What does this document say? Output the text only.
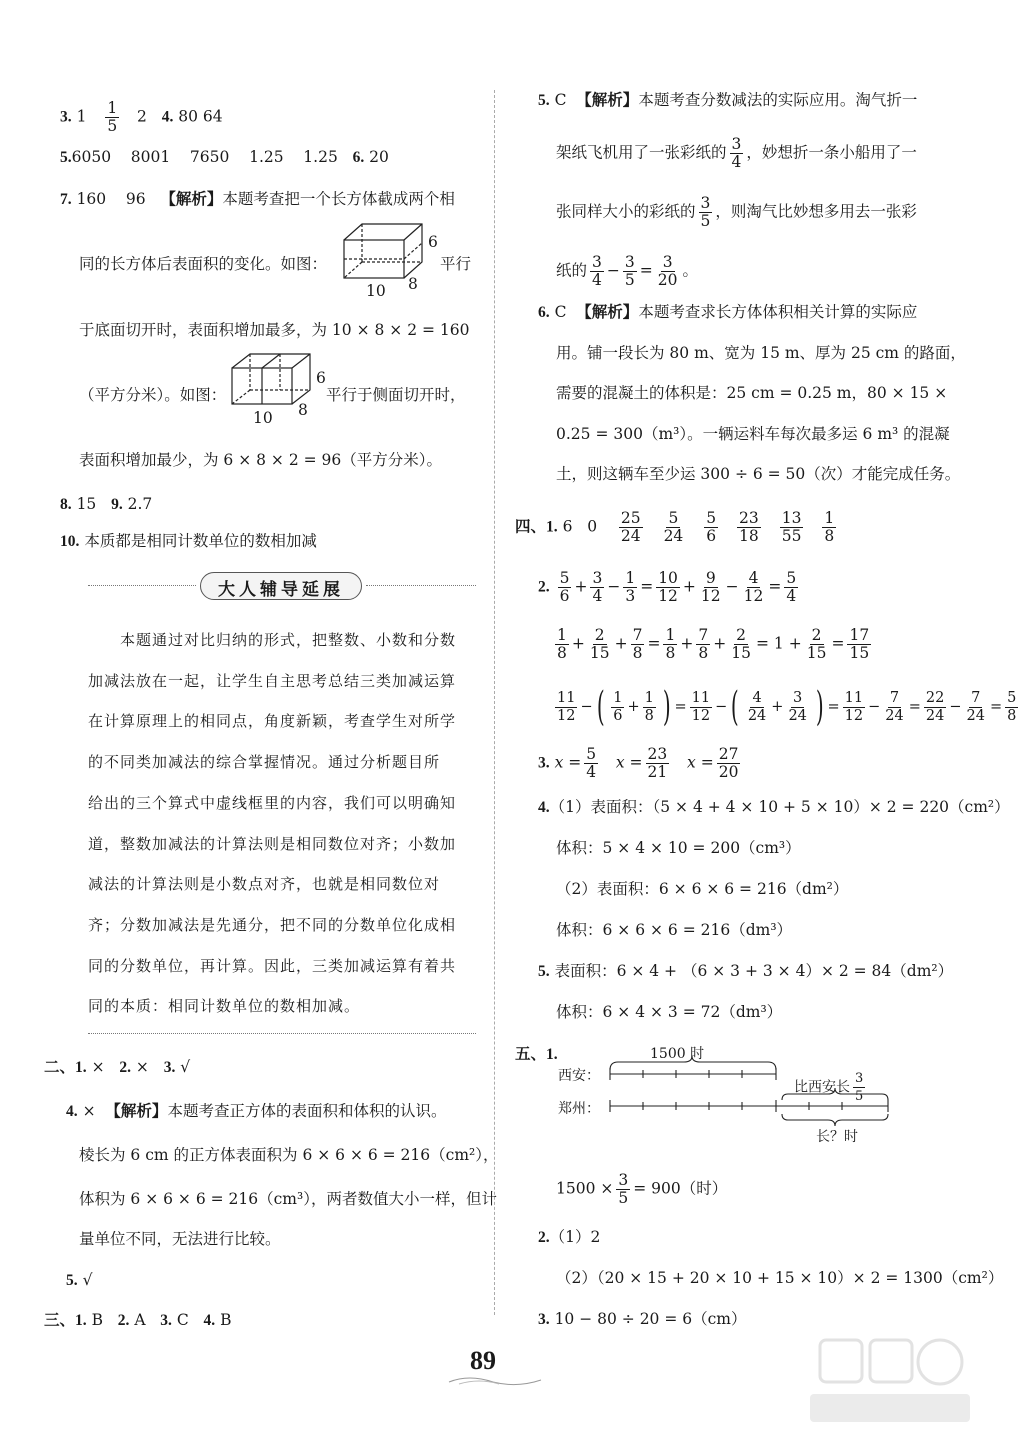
3. $1 \frac{1}{5} 2$ 4. 80 64
5.6050    8001    7650    1.25    1.25 6. 20
7. 160    96 【解析】本题考查把一个长方体截成两个相
同的长方体后表面积的变化。如图：
6
8
10
平行
于底面切开时，表面积增加最多，为 10 × 8 × 2 = 160
（平方分米）。如图：
6
8
10
平行于侧面切开时，
表面积增加最少，为 6 × 8 × 2 = 96（平方分米）。
8. 15 9. 2.7
10. 本质都是相同计数单位的数相加减
大人辅导延展
本题通过对比归纳的形式，把整数、小数和分数
加减法放在一起，让学生自主思考总结三类加减运算
在计算原理上的相同点，角度新颖，考查学生对所学
的不同类加减法的综合掌握情况。通过分析题目所
给出的三个算式中虚线框里的内容，我们可以明确知
道，整数加减法的计算法则是相同数位对齐；小数加
减法的计算法则是小数点对齐，也就是相同数位对
齐；分数加减法是先通分，把不同的分数单位化成相
同的分数单位，再计算。因此，三类加减运算有着共
同的本质：相同计数单位的数相加减。
二、1. × 2. × 3. √
4. × 【解析】本题考查正方体的表面积和体积的认识。
棱长为 6 cm 的正方体表面积为 6 × 6 × 6 = 216（cm²），
体积为 6 × 6 × 6 = 216（cm³），两者数值大小一样，但计
量单位不同，无法进行比较。
5. √
三、1. B 2. A 3. C 4. B
5. C 【解析】本题考查分数减法的实际应用。淘气折一
架纸飞机用了一张彩纸的 $\frac{3}{4}$ ，妙想折一条小船用了一
张同样大小的彩纸的 $\frac{3}{5}$ ，则淘气比妙想多用去一张彩
纸的 $\frac{3}{4} - \frac{3}{5} = \frac{3}{20}$ 。
6. C 【解析】本题考查求长方体体积相关计算的实际应
用。铺一段长为 80 m、宽为 15 m、厚为 25 cm 的路面，
需要的混凝土的体积是：25 cm = 0.25 m，80 × 15 ×
0.25 = 300（m³）。一辆运料车每次最多运 6 m³ 的混凝
土，则这辆车至少运 300 ÷ 6 = 50（次）才能完成任务。
四、1. 6 $0 \frac{25}{24}$
$\frac{5}{24}$
$\frac{5}{6}$
$\frac{23}{18}$
$\frac{13}{55}$
$\frac{1}{8}$
2. $\frac{5}{6} + \frac{3}{4} - \frac{1}{3} = \frac{10}{12} + \frac{9}{12} - \frac{4}{12} = \frac{5}{4}$
$\frac{1}{8} + \frac{2}{15} + \frac{7}{8} = \frac{1}{8} + \frac{7}{8} + \frac{2}{15} = 1 + \frac{2}{15} = \frac{17}{15}$
$\frac{11}{12}$ −( $\frac{1}{6} + \frac{1}{8}$ ) = $\frac{11}{12}$ −( $\frac{4}{24} + \frac{3}{24}$ ) = $\frac{11}{12} - \frac{7}{24} = \frac{22}{24} - \frac{7}{24} = \frac{5}{8}$
3. $x = \frac{5}{4}$ $x = \frac{23}{21}$ $x = \frac{27}{20}$
4.（1）表面积：（5 × 4 + 4 × 10 + 5 × 10）× 2 = 220（cm²）
体积：5 × 4 × 10 = 200（cm³）
（2）表面积：6 × 6 × 6 = 216（dm²）
体积：6 × 6 × 6 = 216（dm³）
5. 表面积：6 × 4 + （6 × 3 + 3 × 4）× 2 = 84（dm²）
体积：6 × 4 × 3 = 72（dm³）
五、1.	1500 时
西安：
郑州：
比西安长 $\frac{3}{5}$
长？时
$1500 \times \frac{3}{5} = 900$（时）
2.（1）2
（2）（20 × 15 + 20 × 10 + 15 × 10）× 2 = 1300（cm²）
3. 10 − 80 ÷ 20 = 6（cm）
89
